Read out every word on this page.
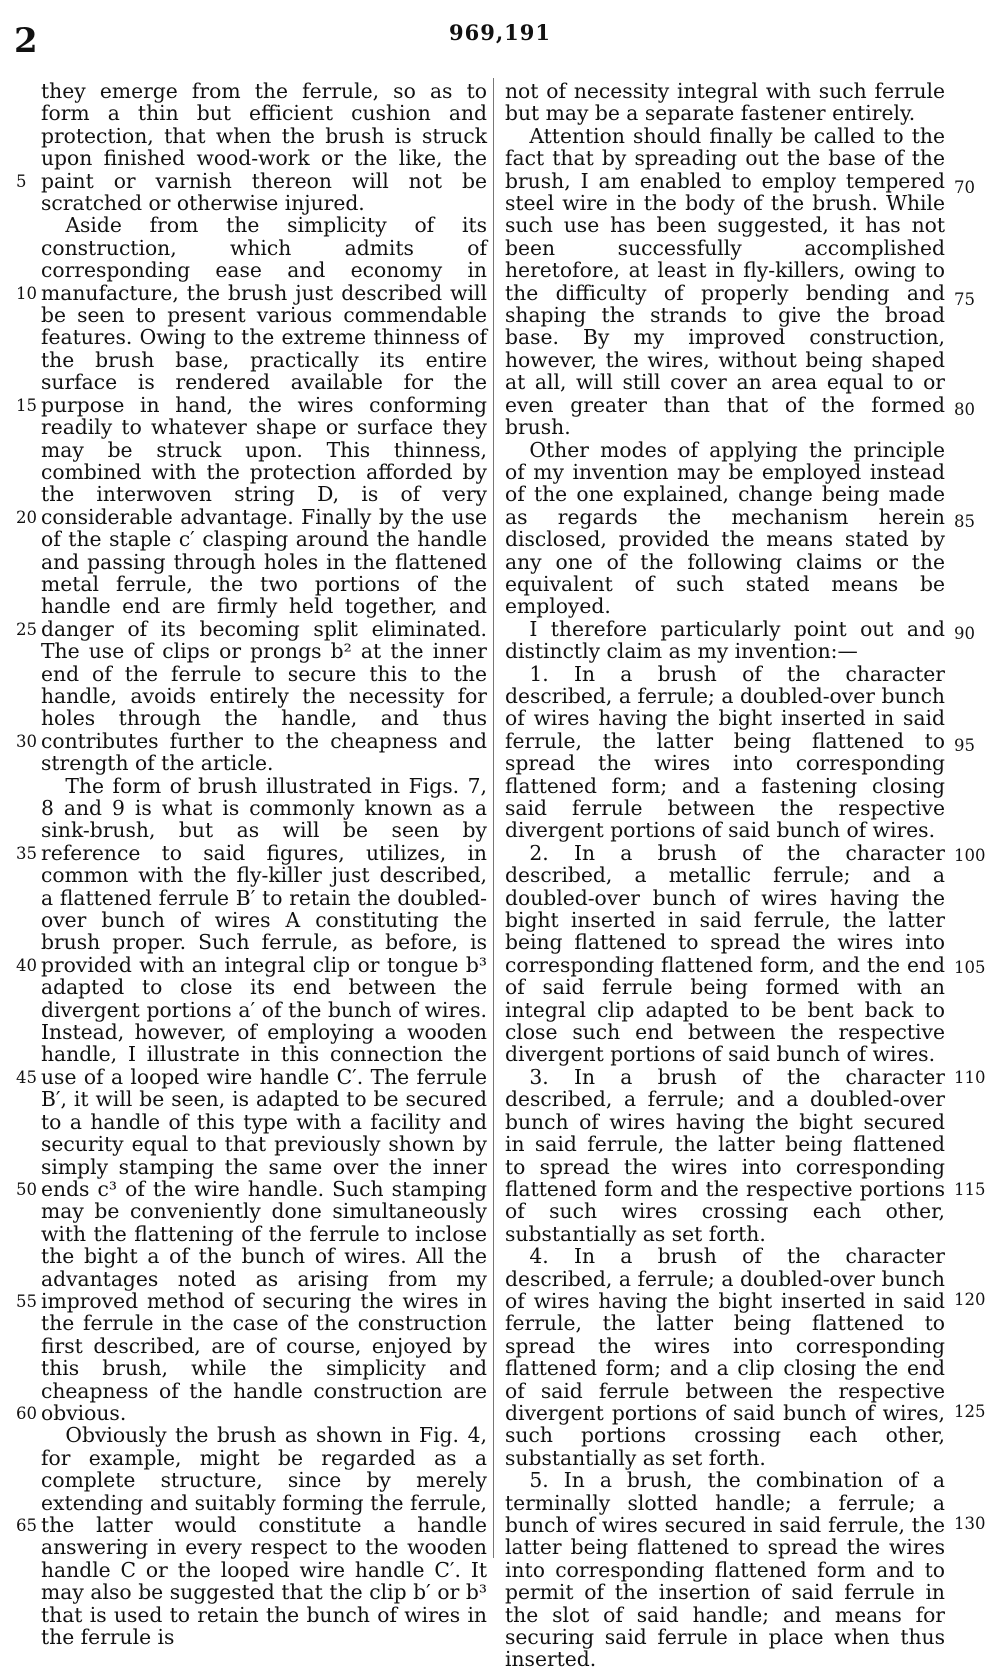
2	969,191

they emerge from the ferrule, so as to form a thin but efficient cushion and protection, that when the brush is struck upon finished wood-work or the like, the paint or varnish thereon will not be scratched or otherwise injured.

Aside from the simplicity of its construction, which admits of corresponding ease and economy in manufacture, the brush just described will be seen to present various commendable features. Owing to the extreme thinness of the brush base, practically its entire surface is rendered available for the purpose in hand, the wires conforming readily to whatever shape or surface they may be struck upon. This thinness, combined with the protection afforded by the interwoven string D, is of very considerable advantage. Finally by the use of the staple c′ clasping around the handle and passing through holes in the flattened metal ferrule, the two portions of the handle end are firmly held together, and danger of its becoming split eliminated. The use of clips or prongs b² at the inner end of the ferrule to secure this to the handle, avoids entirely the necessity for holes through the handle, and thus contributes further to the cheapness and strength of the article.

The form of brush illustrated in Figs. 7, 8 and 9 is what is commonly known as a sink-brush, but as will be seen by reference to said figures, utilizes, in common with the fly-killer just described, a flattened ferrule B′ to retain the doubled-over bunch of wires A constituting the brush proper. Such ferrule, as before, is provided with an integral clip or tongue b³ adapted to close its end between the divergent portions a′ of the bunch of wires. Instead, however, of employing a wooden handle, I illustrate in this connection the use of a looped wire handle C′. The ferrule B′, it will be seen, is adapted to be secured to a handle of this type with a facility and security equal to that previously shown by simply stamping the same over the inner ends c³ of the wire handle. Such stamping may be conveniently done simultaneously with the flattening of the ferrule to inclose the bight a of the bunch of wires. All the advantages noted as arising from my improved method of securing the wires in the ferrule in the case of the construction first described, are of course, enjoyed by this brush, while the simplicity and cheapness of the handle construction are obvious.

Obviously the brush as shown in Fig. 4, for example, might be regarded as a complete structure, since by merely extending and suitably forming the ferrule, the latter would constitute a handle answering in every respect to the wooden handle C or the looped wire handle C′. It may also be suggested that the clip b′ or b³ that is used to retain the bunch of wires in the ferrule is

not of necessity integral with such ferrule but may be a separate fastener entirely.

Attention should finally be called to the fact that by spreading out the base of the brush, I am enabled to employ tempered steel wire in the body of the brush. While such use has been suggested, it has not been successfully accomplished heretofore, at least in fly-killers, owing to the difficulty of properly bending and shaping the strands to give the broad base. By my improved construction, however, the wires, without being shaped at all, will still cover an area equal to or even greater than that of the formed brush.

Other modes of applying the principle of my invention may be employed instead of the one explained, change being made as regards the mechanism herein disclosed, provided the means stated by any one of the following claims or the equivalent of such stated means be employed.

I therefore particularly point out and distinctly claim as my invention:—

1. In a brush of the character described, a ferrule; a doubled-over bunch of wires having the bight inserted in said ferrule, the latter being flattened to spread the wires into corresponding flattened form; and a fastening closing said ferrule between the respective divergent portions of said bunch of wires.

2. In a brush of the character described, a metallic ferrule; and a doubled-over bunch of wires having the bight inserted in said ferrule, the latter being flattened to spread the wires into corresponding flattened form, and the end of said ferrule being formed with an integral clip adapted to be bent back to close such end between the respective divergent portions of said bunch of wires.

3. In a brush of the character described, a ferrule; and a doubled-over bunch of wires having the bight secured in said ferrule, the latter being flattened to spread the wires into corresponding flattened form and the respective portions of such wires crossing each other, substantially as set forth.

4. In a brush of the character described, a ferrule; a doubled-over bunch of wires having the bight inserted in said ferrule, the latter being flattened to spread the wires into corresponding flattened form; and a clip closing the end of said ferrule between the respective divergent portions of said bunch of wires, such portions crossing each other, substantially as set forth.

5. In a brush, the combination of a terminally slotted handle; a ferrule; a bunch of wires secured in said ferrule, the latter being flattened to spread the wires into corresponding flattened form and to permit of the insertion of said ferrule in the slot of said handle; and means for securing said ferrule in place when thus inserted.

5
10
15
20
25
30
35
40
45
50
55
60
65
70
75
80
85
90
95
100
105
110
115
120
125
130
